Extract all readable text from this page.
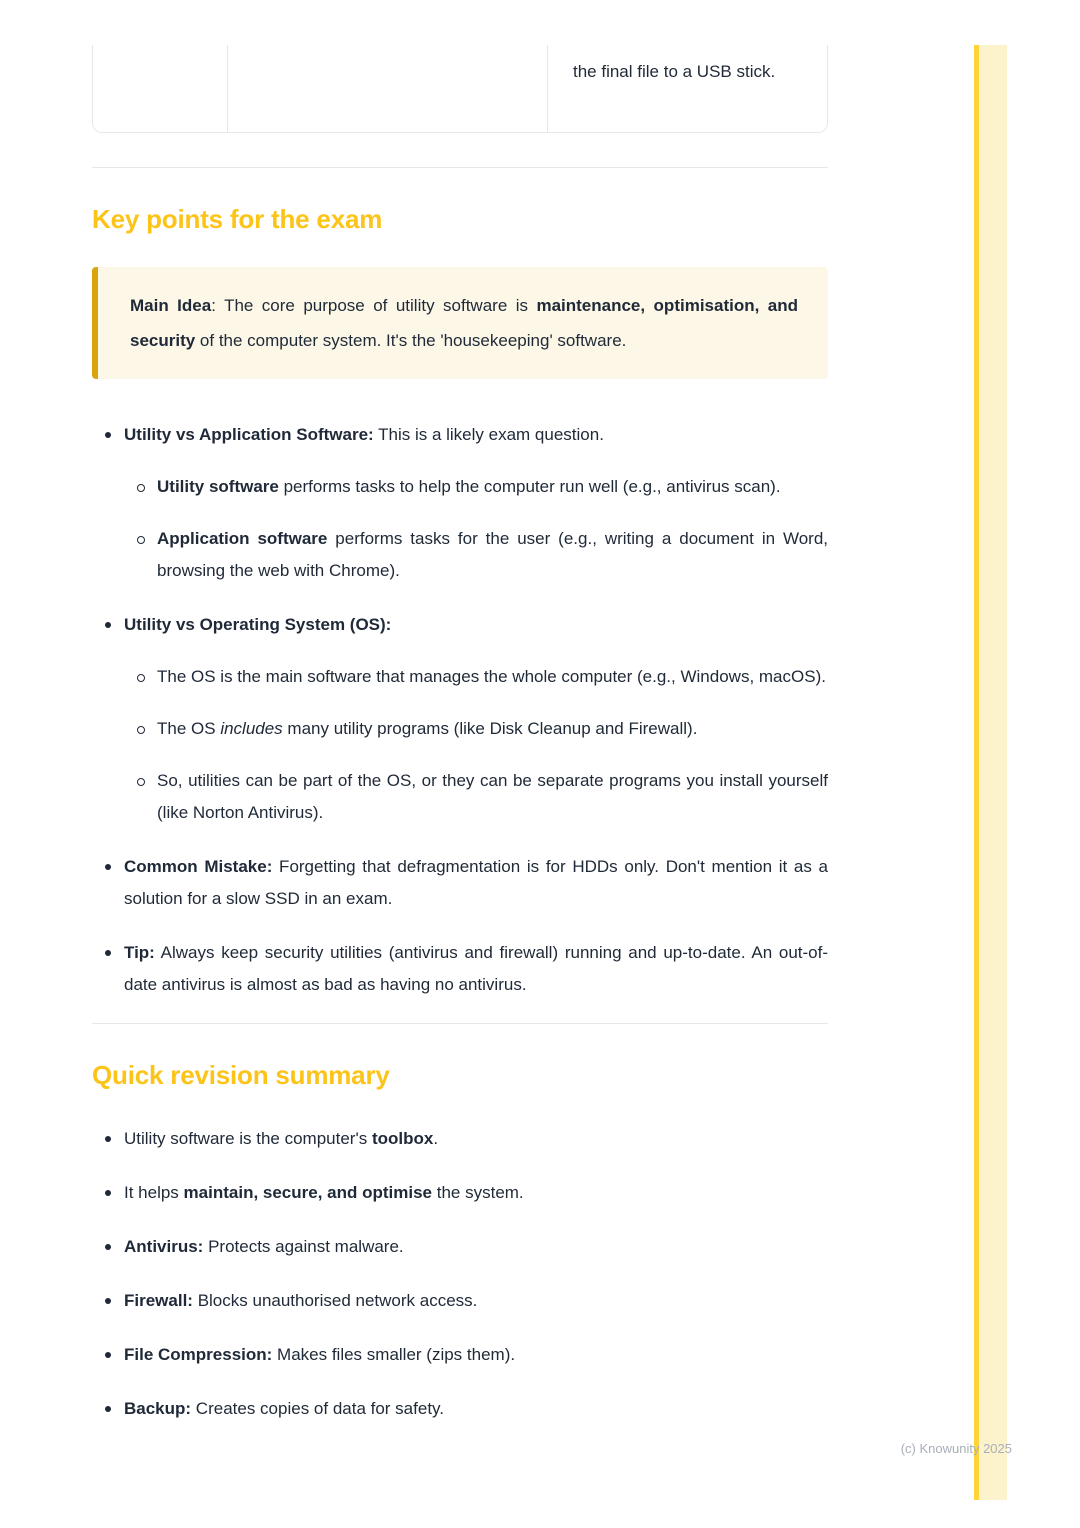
the final file to a USB stick.

Key points for the exam

Main Idea: The core purpose of utility software is maintenance, optimisation, and security of the computer system. It's the 'housekeeping' software.

Utility vs Application Software: This is a likely exam question.

Utility software performs tasks to help the computer run well (e.g., antivirus scan).

Application software performs tasks for the user (e.g., writing a document in Word, browsing the web with Chrome).

Utility vs Operating System (OS):

The OS is the main software that manages the whole computer (e.g., Windows, macOS).

The OS includes many utility programs (like Disk Cleanup and Firewall).

So, utilities can be part of the OS, or they can be separate programs you install yourself (like Norton Antivirus).

Common Mistake: Forgetting that defragmentation is for HDDs only. Don't mention it as a solution for a slow SSD in an exam.

Tip: Always keep security utilities (antivirus and firewall) running and up-to-date. An out-of-date antivirus is almost as bad as having no antivirus.

Quick revision summary

Utility software is the computer's toolbox.

It helps maintain, secure, and optimise the system.

Antivirus: Protects against malware.

Firewall: Blocks unauthorised network access.

File Compression: Makes files smaller (zips them).

Backup: Creates copies of data for safety.

(c) Knowunity 2025
